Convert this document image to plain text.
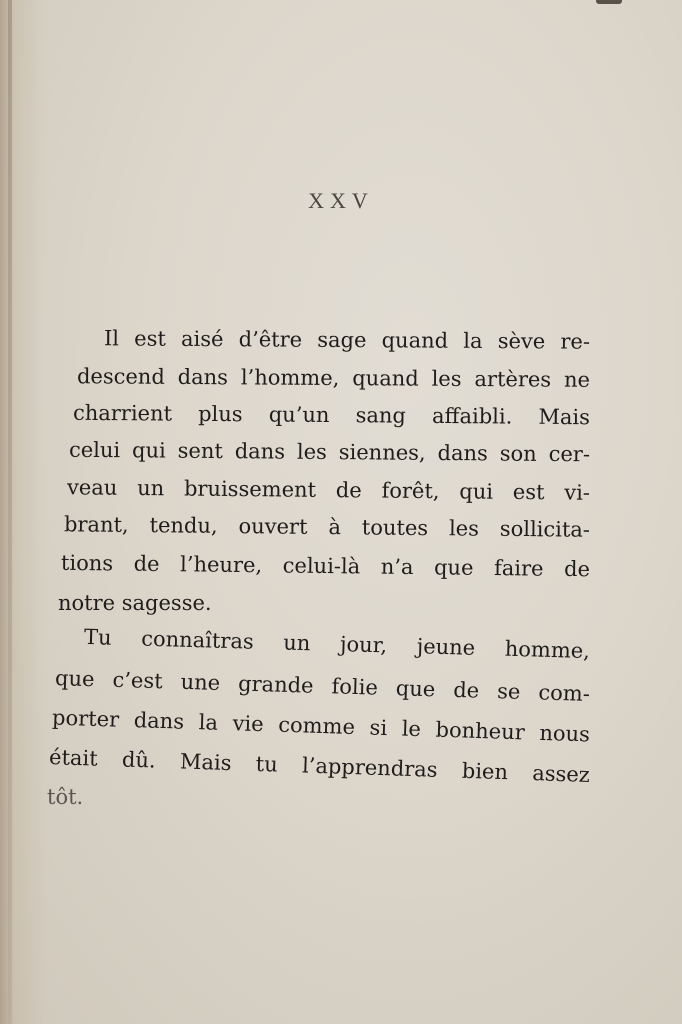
XXV
Il est aisé d’être sage quand la sève re-
descend dans l’homme, quand les artères ne
charrient plus qu’un sang affaibli. Mais
celui qui sent dans les siennes, dans son cer-
veau un bruissement de forêt, qui est vi-
brant, tendu, ouvert à toutes les sollicita-
tions de l’heure, celui-là n’a que faire de
notre sagesse.
Tu connaîtras un jour, jeune homme,
que c’est une grande folie que de se com-
porter dans la vie comme si le bonheur nous
était dû. Mais tu l’apprendras bien assez
tôt.
